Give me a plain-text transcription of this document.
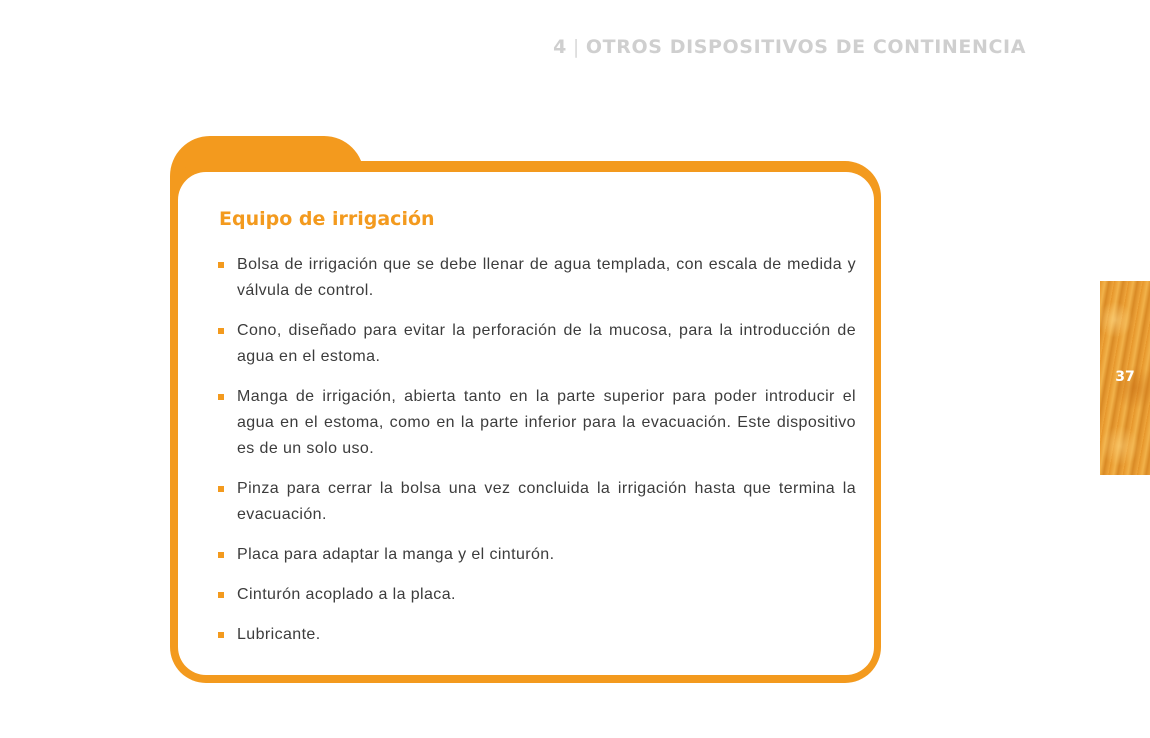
4 | OTROS DISPOSITIVOS DE CONTINENCIA
Equipo de irrigación
Bolsa de irrigación que se debe llenar de agua templada, con escala de medida y válvula de control.
Cono, diseñado para evitar la perforación de la mucosa, para la introducción de agua en el estoma.
Manga de irrigación, abierta tanto en la parte superior para poder introducir el agua en el estoma, como en la parte inferior para la evacuación. Este dispositivo es de un solo uso.
Pinza para cerrar la bolsa una vez concluida la irrigación hasta que termina la evacuación.
Placa para adaptar la manga y el cinturón.
Cinturón acoplado a la placa.
Lubricante.
37
